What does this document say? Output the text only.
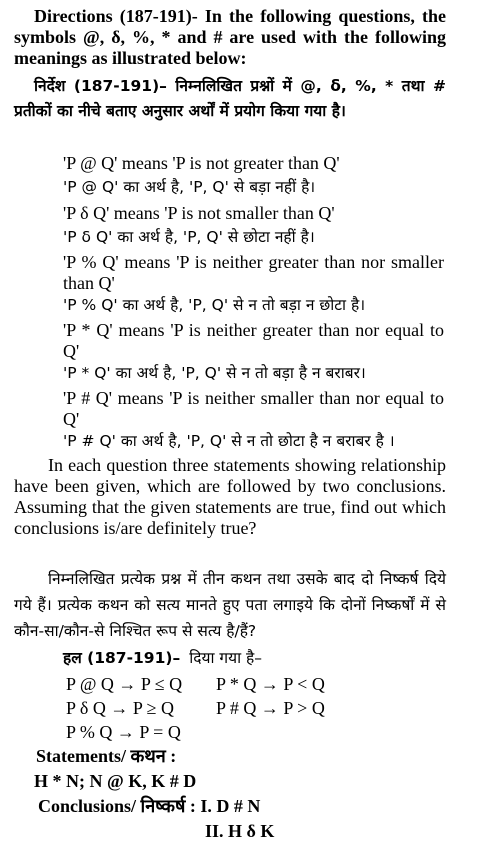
Directions (187-191)- In the following questions, the symbols @, δ, %, * and # are used with the following meanings as illustrated below:

निर्देश (187-191)– निम्नलिखित प्रश्नों में @, δ, %, * तथा # प्रतीकों का नीचे बताए अनुसार अर्थों में प्रयोग किया गया है।

'P @ Q' means 'P is not greater than Q'

'P @ Q' का अर्थ है, 'P, Q' से बड़ा नहीं है।

'P δ Q' means 'P is not smaller than Q'

'P δ Q' का अर्थ है, 'P, Q' से छोटा नहीं है।

'P % Q' means 'P is neither greater than nor smaller than Q'

'P % Q' का अर्थ है, 'P, Q' से न तो बड़ा न छोटा है।

'P * Q' means 'P is neither greater than nor equal to Q'

'P * Q' का अर्थ है, 'P, Q' से न तो बड़ा है न बराबर।

'P # Q' means 'P is neither smaller than nor equal to Q'

'P # Q' का अर्थ है, 'P, Q' से न तो छोटा है न बराबर है ।

In each question three statements showing relationship have been given, which are followed by two conclusions. Assuming that the given statements are true, find out which conclusions is/are definitely true?

निम्नलिखित प्रत्येक प्रश्न में तीन कथन तथा उसके बाद दो निष्कर्ष दिये गये हैं। प्रत्येक कथन को सत्य मानते हुए पता लगाइये कि दोनों निष्कर्षों में से कौन-सा/कौन-से निश्चित रूप से सत्य है/हैं?

हल (187-191)– दिया गया है–

P @ Q → P ≤ Q P * Q → P < Q
P δ Q → P ≥ Q P # Q → P > Q
P % Q → P = Q

Statements/ कथन :

H * N; N @ K, K # D

Conclusions/ निष्कर्ष : I. D # N

II. H δ K
